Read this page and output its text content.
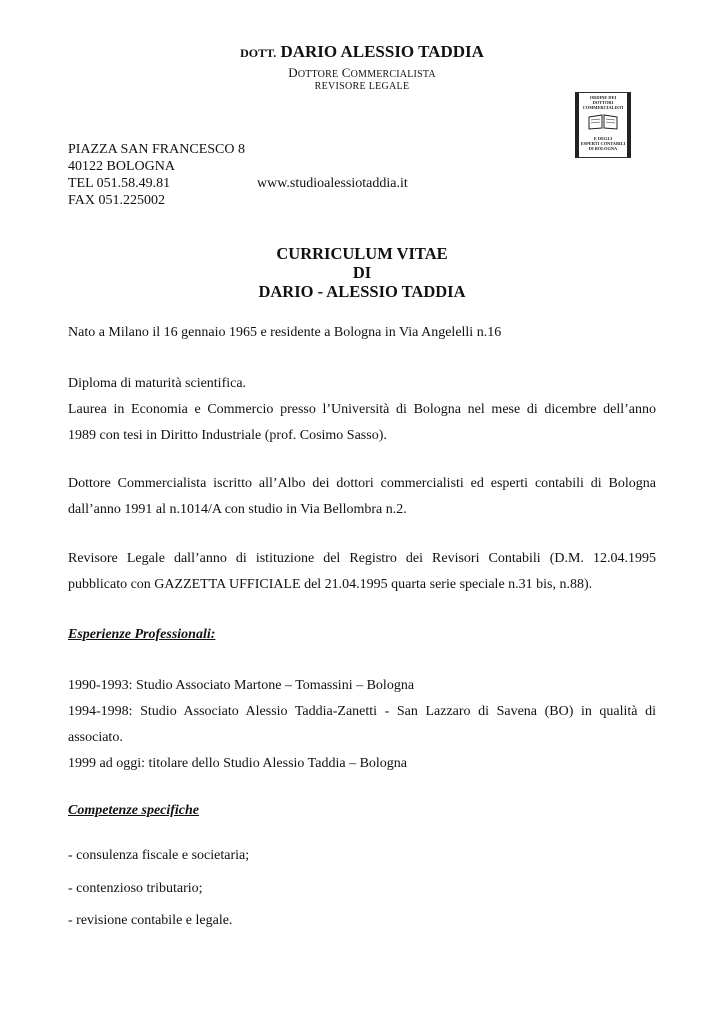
DOTT. DARIO ALESSIO TADDIA
DOTTORE COMMERCIALISTA
REVISORE LEGALE
ORDINE DEI
DOTTORI
COMMERCIALISTI
E DEGLI
ESPERTI CONTABILI
DI BOLOGNA
PIAZZA SAN FRANCESCO 8
40122 BOLOGNA
TEL 051.58.49.81	www.studioalessiotaddia.it
FAX 051.225002
CURRICULUM VITAE
DI
DARIO - ALESSIO TADDIA
Nato a Milano il 16 gennaio 1965 e residente a Bologna in Via Angelelli n.16
Diploma di maturità scientifica.
Laurea in Economia e Commercio presso l’Università di Bologna nel mese di dicembre dell’anno
1989 con tesi in Diritto Industriale (prof. Cosimo Sasso).
Dottore Commercialista iscritto all’Albo dei dottori commercialisti ed esperti contabili di Bologna
dall’anno 1991 al n.1014/A con studio in Via Bellombra n.2.
Revisore Legale dall’anno di istituzione del Registro dei Revisori Contabili (D.M. 12.04.1995
pubblicato con GAZZETTA UFFICIALE del 21.04.1995 quarta serie speciale n.31 bis, n.88).
Esperienze Professionali:
1990-1993: Studio Associato Martone – Tomassini – Bologna
1994-1998: Studio Associato Alessio Taddia-Zanetti - San Lazzaro di Savena (BO) in qualità di
associato.
1999 ad oggi: titolare dello Studio Alessio Taddia – Bologna
Competenze specifiche
- consulenza fiscale e societaria;
- contenzioso tributario;
- revisione contabile e legale.
